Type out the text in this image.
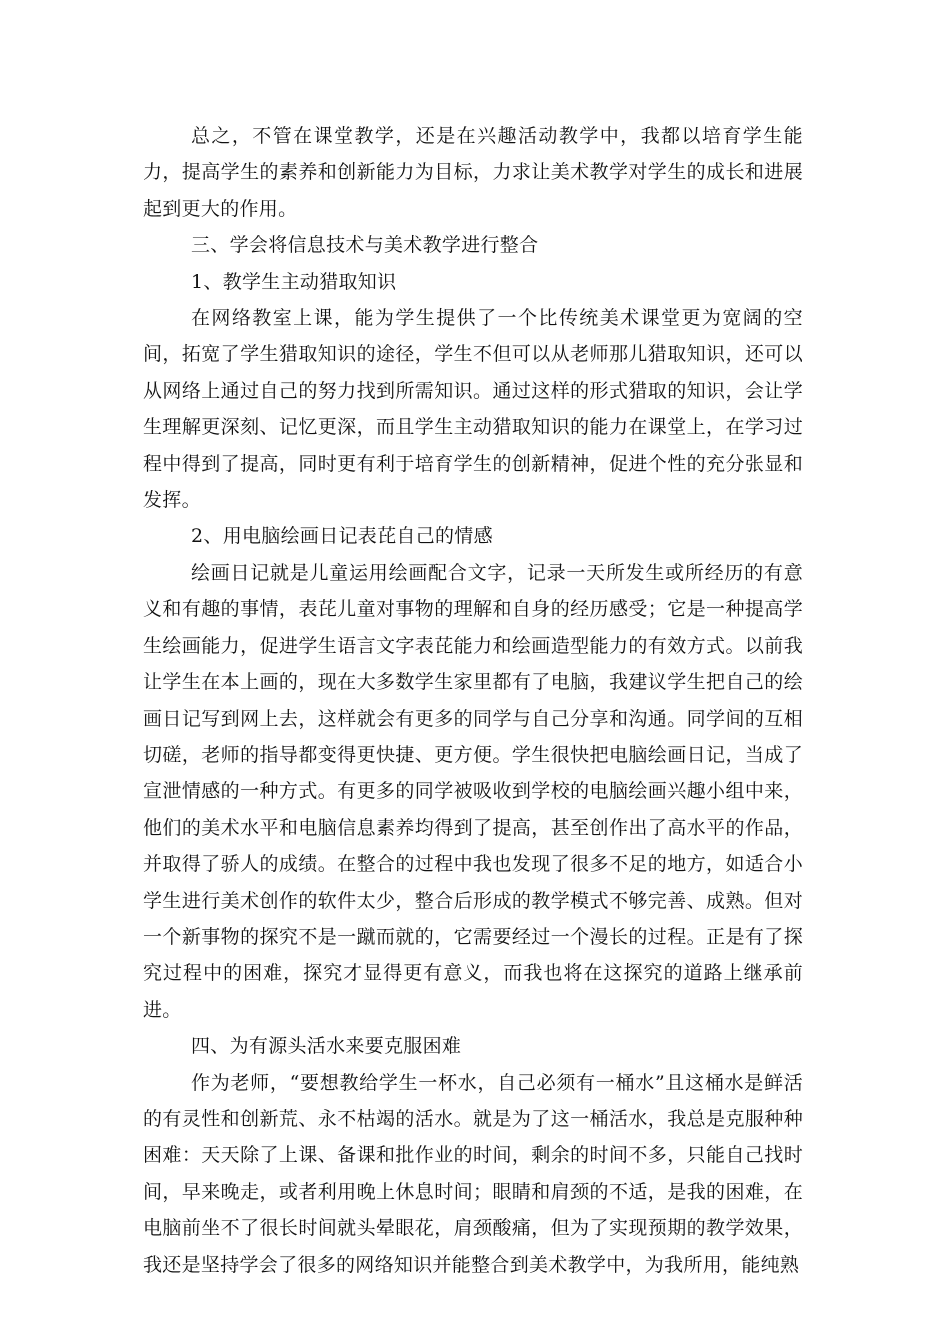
总之，不管在课堂教学，还是在兴趣活动教学中，我都以培育学生能力，提高学生的素养和创新能力为目标，力求让美术教学对学生的成长和进展起到更大的作用。

三、学会将信息技术与美术教学进行整合

1、教学生主动猎取知识

在网络教室上课，能为学生提供了一个比传统美术课堂更为宽阔的空间，拓宽了学生猎取知识的途径，学生不但可以从老师那儿猎取知识，还可以从网络上通过自己的努力找到所需知识。通过这样的形式猎取的知识，会让学生理解更深刻、记忆更深，而且学生主动猎取知识的能力在课堂上，在学习过程中得到了提高，同时更有利于培育学生的创新精神，促进个性的充分张显和发挥。

2、用电脑绘画日记表芘自己的情感

绘画日记就是儿童运用绘画配合文字，记录一天所发生或所经历的有意义和有趣的事情，表芘儿童对事物的理解和自身的经历感受；它是一种提高学生绘画能力，促进学生语言文字表芘能力和绘画造型能力的有效方式。以前我让学生在本上画的，现在大多数学生家里都有了电脑，我建议学生把自己的绘画日记写到网上去，这样就会有更多的同学与自己分享和沟通。同学间的互相切磋，老师的指导都变得更快捷、更方便。学生很快把电脑绘画日记，当成了宣泄情感的一种方式。有更多的同学被吸收到学校的电脑绘画兴趣小组中来，他们的美术水平和电脑信息素养均得到了提高，甚至创作出了高水平的作品，并取得了骄人的成绩。在整合的过程中我也发现了很多不足的地方，如适合小学生进行美术创作的软件太少，整合后形成的教学模式不够完善、成熟。但对一个新事物的探究不是一蹴而就的，它需要经过一个漫长的过程。正是有了探究过程中的困难，探究才显得更有意义，而我也将在这探究的道路上继承前进。

四、为有源头活水来要克服困难

作为老师，“要想教给学生一杯水，自己必须有一桶水”且这桶水是鲜活的有灵性和创新荒、永不枯竭的活水。就是为了这一桶活水，我总是克服种种困难：天天除了上课、备课和批作业的时间，剩余的时间不多，只能自己找时间，早来晚走，或者利用晚上休息时间；眼睛和肩颈的不适，是我的困难，在电脑前坐不了很长时间就头晕眼花，肩颈酸痛，但为了实现预期的教学效果，我还是坚持学会了很多的网络知识并能整合到美术教学中，为我所用，能纯熟
